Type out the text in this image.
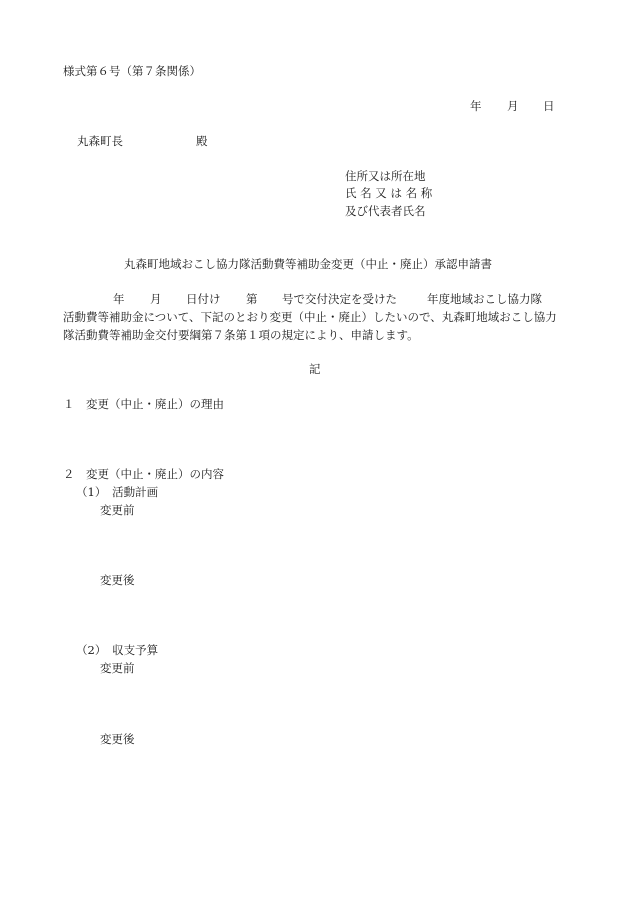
様式第６号（第７条関係）
年 月 日
丸森町長	殿
住所又は所在地
氏 名 又 は 名 称
及び代表者氏名
丸森町地域おこし協力隊活動費等補助金変更（中止・廃止）承認申請書
年 月 日付け 第 号で交付決定を受けた	年度地域おこし協力隊
活動費等補助金について、下記のとおり変更（中止・廃止）したいので、丸森町地域おこし協力
隊活動費等補助金交付要綱第７条第１項の規定により、申請します。
記
１　変更（中止・廃止）の理由
２　変更（中止・廃止）の内容
（1）　活動計画
変更前
変更後
（2）　収支予算
変更前
変更後
